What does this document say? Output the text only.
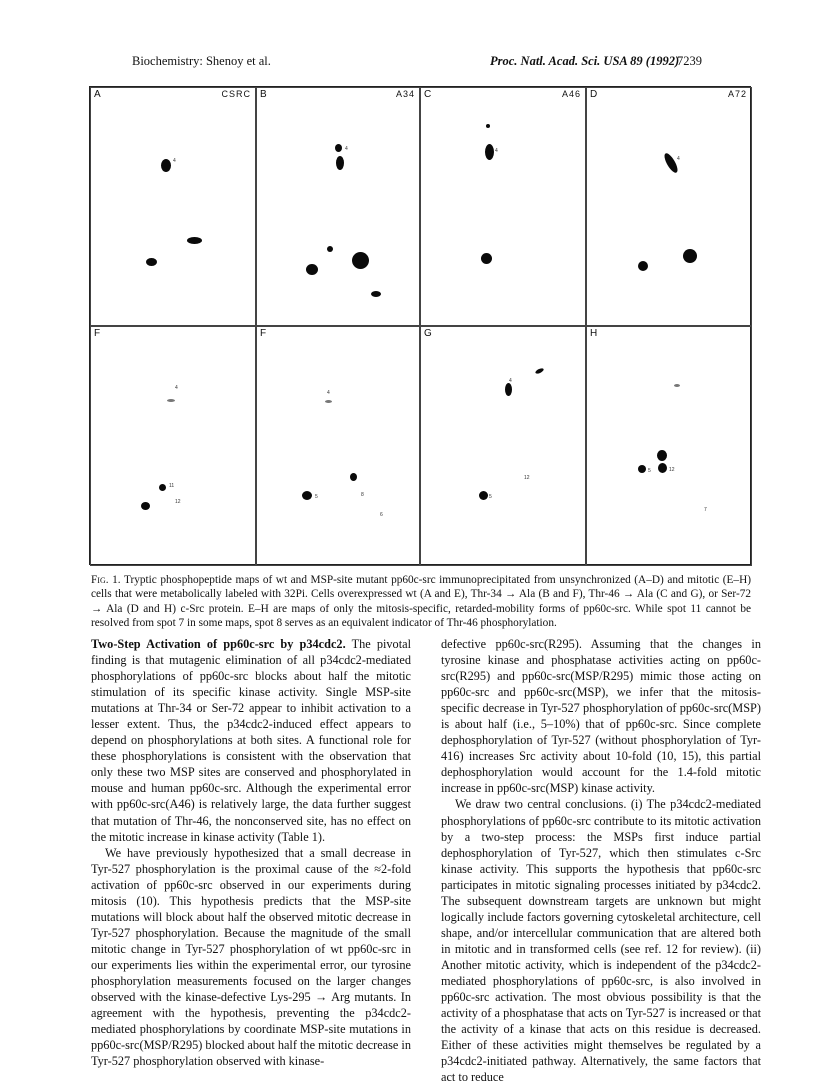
Biochemistry: Shenoy et al.	Proc. Natl. Acad. Sci. USA 89 (1992)
7239
A	CSRC
4
B	A34
4
C	A46
4
D	A72
4
F
4
11
12
F
4
5	8
6
G
4
5
12
H
5	12
7
Fig. 1. Tryptic phosphopeptide maps of wt and MSP-site mutant pp60c-src immunoprecipitated from unsynchronized (A–D) and mitotic (E–H) cells that were metabolically labeled with 32Pi. Cells overexpressed wt (A and E), Thr-34 → Ala (B and F), Thr-46 → Ala (C and G), or Ser-72 → Ala (D and H) c-Src protein. E–H are maps of only the mitosis-specific, retarded-mobility forms of pp60c-src. While spot 11 cannot be resolved from spot 7 in some maps, spot 8 serves as an equivalent indicator of Thr-46 phosphorylation.

Two-Step Activation of pp60c-src by p34cdc2. The pivotal finding is that mutagenic elimination of all p34cdc2-mediated phosphorylations of pp60c-src blocks about half the mitotic stimulation of its specific kinase activity. Single MSP-site mutations at Thr-34 or Ser-72 appear to inhibit activation to a lesser extent. Thus, the p34cdc2-induced effect appears to depend on phosphorylations at both sites. A functional role for these phosphorylations is consistent with the observation that only these two MSP sites are conserved and phosphorylated in mouse and human pp60c-src. Although the experimental error with pp60c-src(A46) is relatively large, the data further suggest that mutation of Thr-46, the nonconserved site, has no effect on the mitotic increase in kinase activity (Table 1).

We have previously hypothesized that a small decrease in Tyr-527 phosphorylation is the proximal cause of the ≈2-fold activation of pp60c-src observed in our experiments during mitosis (10). This hypothesis predicts that the MSP-site mutations will block about half the observed mitotic decrease in Tyr-527 phosphorylation. Because the magnitude of the small mitotic change in Tyr-527 phosphorylation of wt pp60c-src in our experiments lies within the experimental error, our tyrosine phosphorylation measurements focused on the larger changes observed with the kinase-defective Lys-295 → Arg mutants. In agreement with the hypothesis, preventing the p34cdc2-mediated phosphorylations by coordinate MSP-site mutations in pp60c-src(MSP/R295) blocked about half the mitotic decrease in Tyr-527 phosphorylation observed with kinase-

defective pp60c-src(R295). Assuming that the changes in tyrosine kinase and phosphatase activities acting on pp60c-src(R295) and pp60c-src(MSP/R295) mimic those acting on pp60c-src and pp60c-src(MSP), we infer that the mitosis-specific decrease in Tyr-527 phosphorylation of pp60c-src(MSP) is about half (i.e., 5–10%) that of pp60c-src. Since complete dephosphorylation of Tyr-527 (without phosphorylation of Tyr-416) increases Src activity about 10-fold (10, 15), this partial dephosphorylation would account for the 1.4-fold mitotic increase in pp60c-src(MSP) kinase activity.

We draw two central conclusions. (i) The p34cdc2-mediated phosphorylations of pp60c-src contribute to its mitotic activation by a two-step process: the MSPs first induce partial dephosphorylation of Tyr-527, which then stimulates c-Src kinase activity. This supports the hypothesis that pp60c-src participates in mitotic signaling processes initiated by p34cdc2. The subsequent downstream targets are unknown but might logically include factors governing cytoskeletal architecture, cell shape, and/or intercellular communication that are altered both in mitotic and in transformed cells (see ref. 12 for review). (ii) Another mitotic activity, which is independent of the p34cdc2-mediated phosphorylations of pp60c-src, is also involved in pp60c-src activation. The most obvious possibility is that the activity of a phosphatase that acts on Tyr-527 is increased or that the activity of a kinase that acts on this residue is decreased. Either of these activities might themselves be regulated by a p34cdc2-initiated pathway. Alternatively, the same factors that act to reduce
